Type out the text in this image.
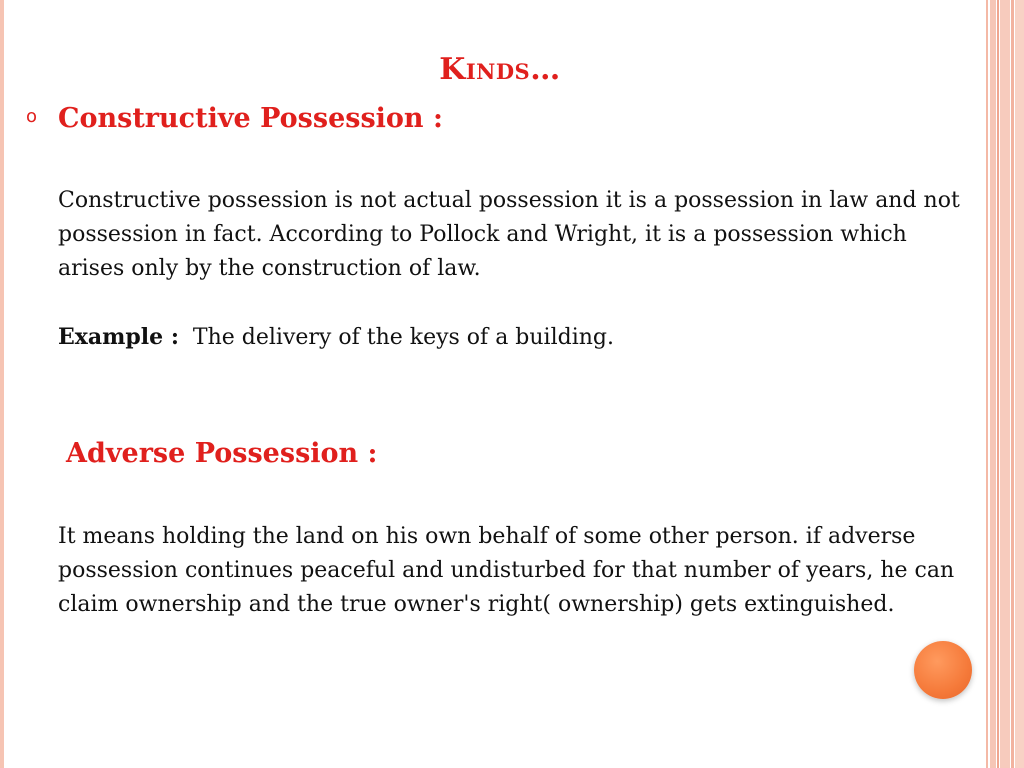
Kinds…
o Constructive Possession :
Constructive possession is not actual possession it is a possession in law and not possession in fact. According to Pollock and Wright, it is a possession which arises only by the construction of law.
Example :  The delivery of the keys of a building.
Adverse Possession :
It means holding the land on his own behalf of some other person. if adverse possession continues peaceful and undisturbed for that number of years, he can claim ownership and the true owner's right( ownership) gets extinguished.
